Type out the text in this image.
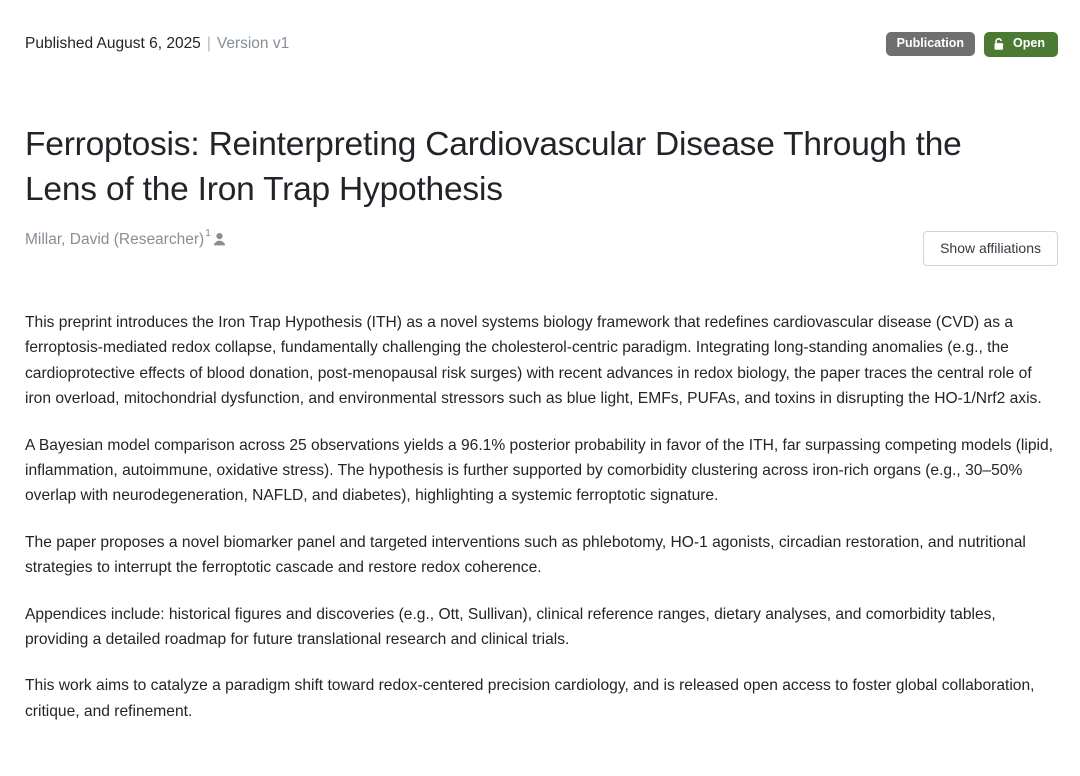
Published August 6, 2025 | Version v1	Publication	Open
Ferroptosis: Reinterpreting Cardiovascular Disease Through the Lens of the Iron Trap Hypothesis
Millar, David (Researcher) 1
Show affiliations

This preprint introduces the Iron Trap Hypothesis (ITH) as a novel systems biology framework that redefines cardiovascular disease (CVD) as a ferroptosis-mediated redox collapse, fundamentally challenging the cholesterol-centric paradigm. Integrating long-standing anomalies (e.g., the cardioprotective effects of blood donation, post-menopausal risk surges) with recent advances in redox biology, the paper traces the central role of iron overload, mitochondrial dysfunction, and environmental stressors such as blue light, EMFs, PUFAs, and toxins in disrupting the HO-1/Nrf2 axis.

A Bayesian model comparison across 25 observations yields a 96.1% posterior probability in favor of the ITH, far surpassing competing models (lipid, inflammation, autoimmune, oxidative stress). The hypothesis is further supported by comorbidity clustering across iron-rich organs (e.g., 30–50% overlap with neurodegeneration, NAFLD, and diabetes), highlighting a systemic ferroptotic signature.

The paper proposes a novel biomarker panel and targeted interventions such as phlebotomy, HO-1 agonists, circadian restoration, and nutritional strategies to interrupt the ferroptotic cascade and restore redox coherence.

Appendices include: historical figures and discoveries (e.g., Ott, Sullivan), clinical reference ranges, dietary analyses, and comorbidity tables, providing a detailed roadmap for future translational research and clinical trials.

This work aims to catalyze a paradigm shift toward redox-centered precision cardiology, and is released open access to foster global collaboration, critique, and refinement.
